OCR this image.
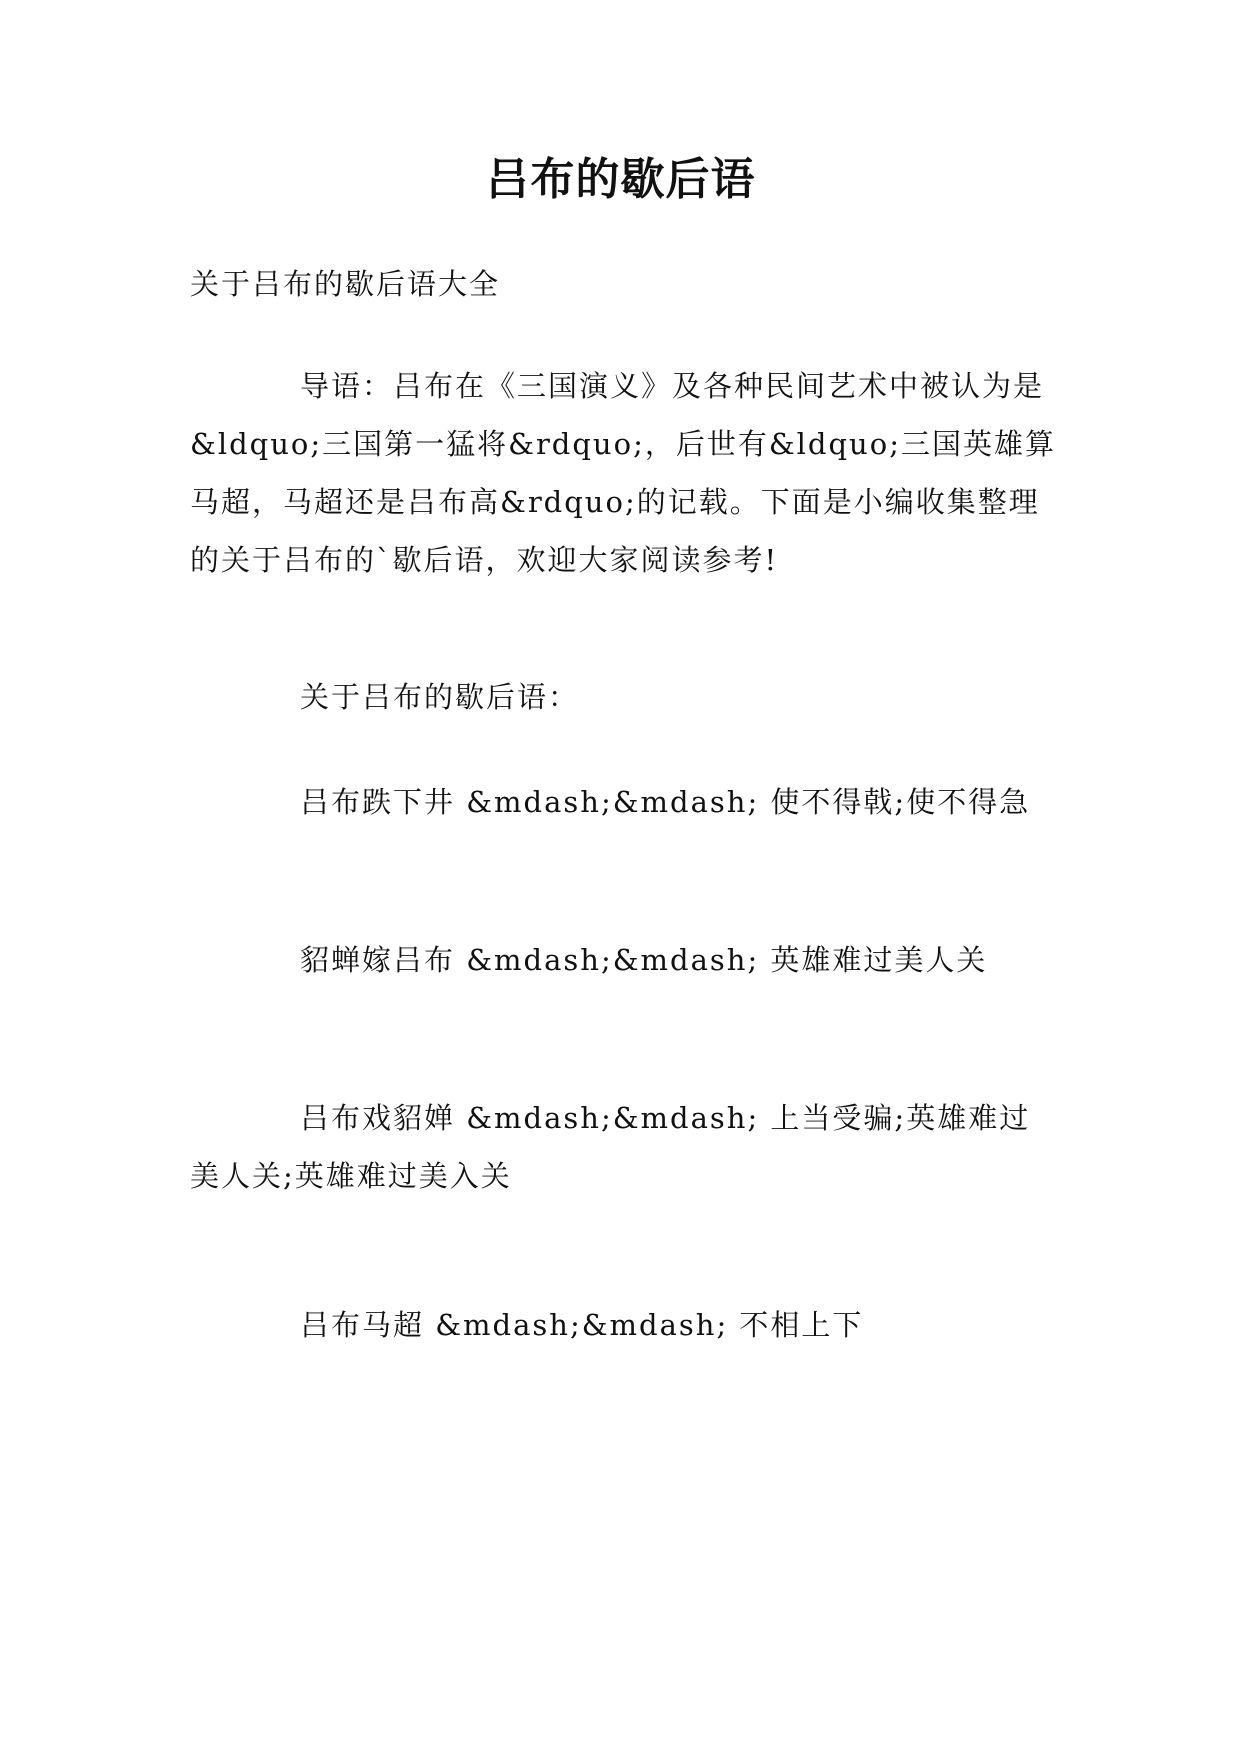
吕布的歇后语
关于吕布的歇后语大全
导语：吕布在《三国演义》及各种民间艺术中被认为是&ldquo;三国第一猛将&rdquo;，后世有&ldquo;三国英雄算马超，马超还是吕布高&rdquo;的记载。下面是小编收集整理的关于吕布的`歇后语，欢迎大家阅读参考!
关于吕布的歇后语：
吕布跌下井 &mdash;&mdash; 使不得戟;使不得急
貂蝉嫁吕布 &mdash;&mdash; 英雄难过美人关
吕布戏貂婵 &mdash;&mdash; 上当受骗;英雄难过美人关;英雄难过美入关
吕布马超 &mdash;&mdash; 不相上下
